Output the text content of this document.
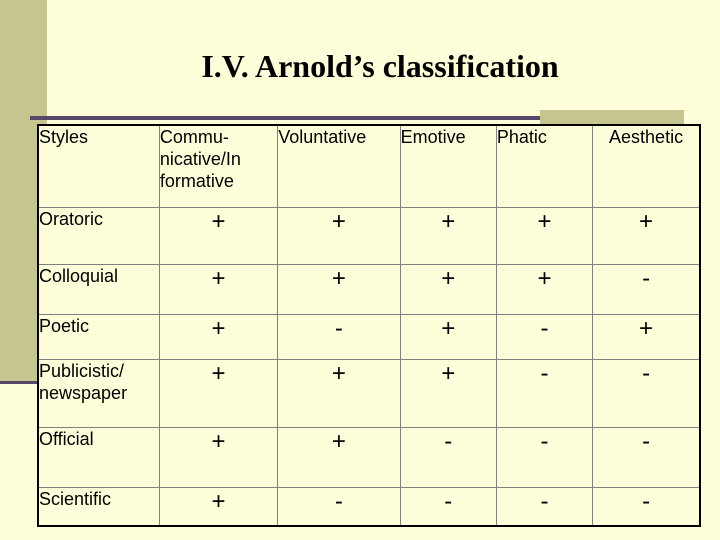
I.V. Arnold’s classification
Styles	Commu-nicative/In formative	Voluntative	Emotive	Phatic	Aesthetic
Oratoric	+	+	+	+	+
Colloquial	+	+	+	+	-
Poetic	+	-	+	-	+
Publicistic/ newspaper	+	+	+	-	-
Official	+	+	-	-	-
Scientific	+	-	-	-	-
